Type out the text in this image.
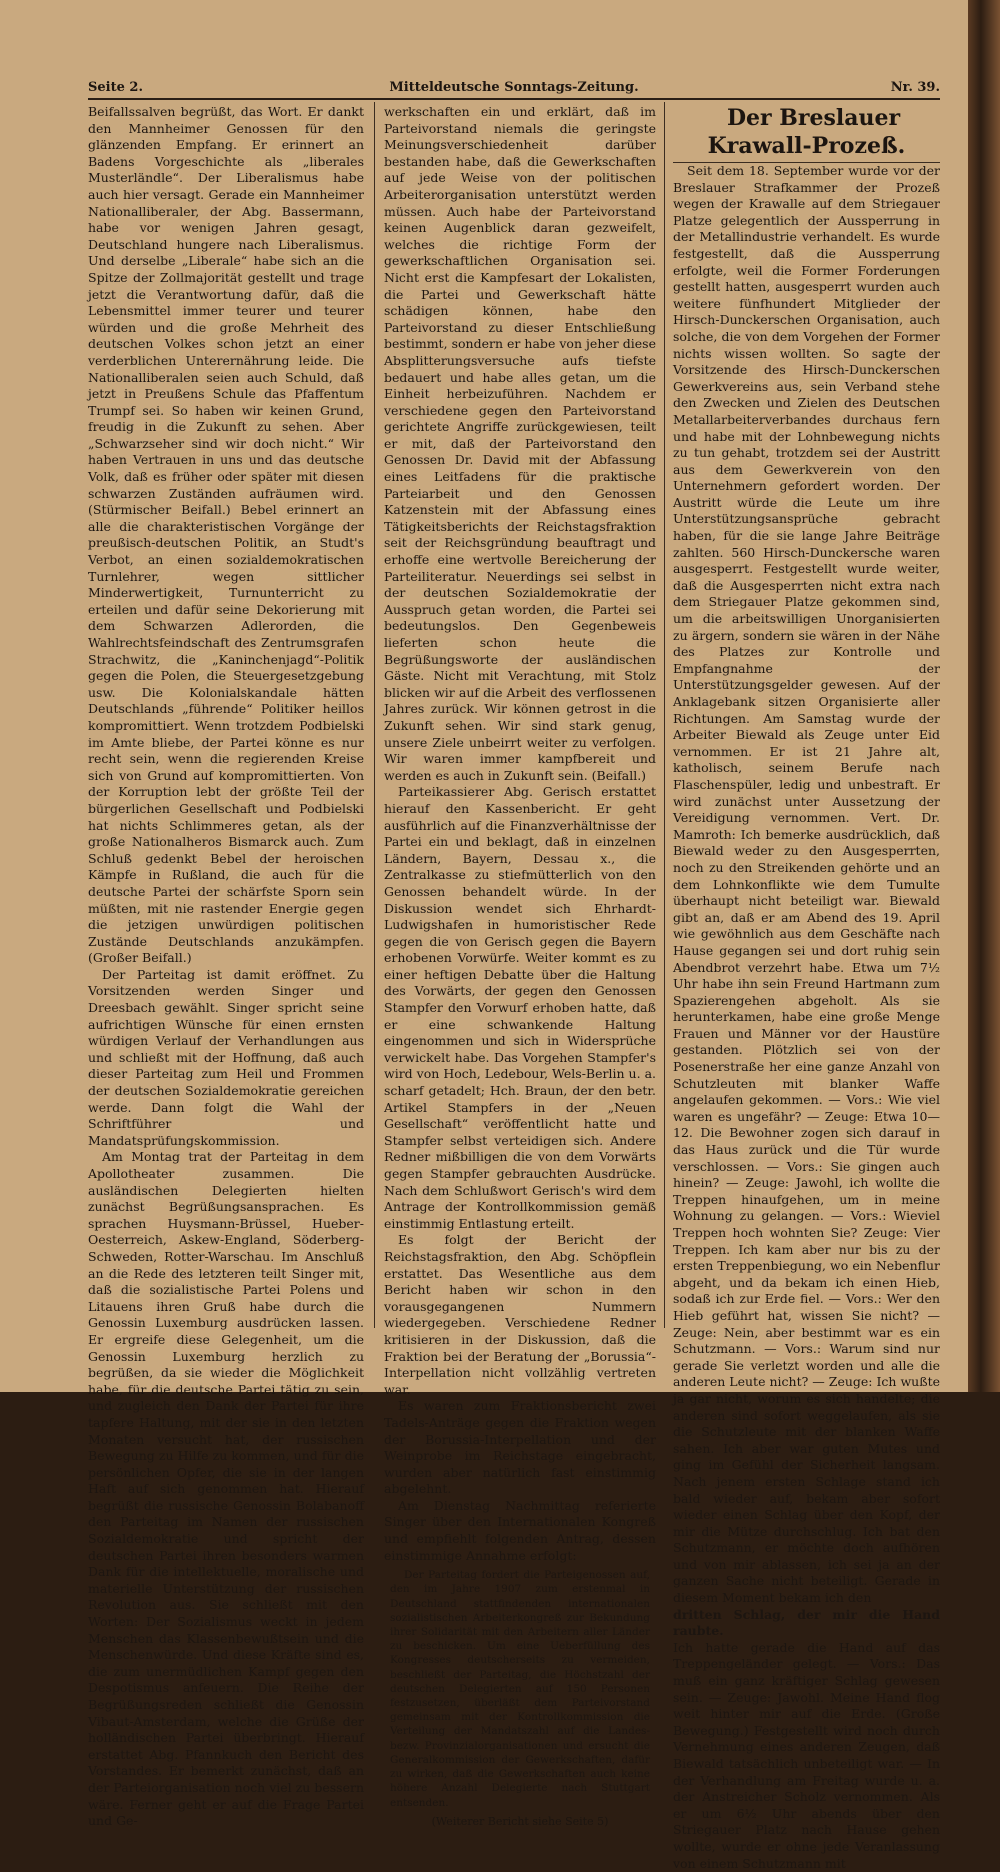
Seite 2.	Mitteldeutsche Sonntags-Zeitung.	Nr. 39.

Beifallssalven begrüßt, das Wort. Er dankt den Mannheimer Genossen für den glänzenden Empfang. Er erinnert an Badens Vorgeschichte als „liberales Musterländle“. Der Liberalismus habe auch hier versagt. Gerade ein Mannheimer Nationalliberaler, der Abg. Bassermann, habe vor wenigen Jahren gesagt, Deutschland hungere nach Liberalismus. Und derselbe „Liberale“ habe sich an die Spitze der Zollmajorität gestellt und trage jetzt die Verantwortung dafür, daß die Lebensmittel immer teurer und teurer würden und die große Mehrheit des deutschen Volkes schon jetzt an einer verderblichen Unterernährung leide. Die Nationalliberalen seien auch Schuld, daß jetzt in Preußens Schule das Pfaffentum Trumpf sei. So haben wir keinen Grund, freudig in die Zukunft zu sehen. Aber „Schwarzseher sind wir doch nicht.“ Wir haben Vertrauen in uns und das deutsche Volk, daß es früher oder später mit diesen schwarzen Zuständen aufräumen wird. (Stürmischer Beifall.) Bebel erinnert an alle die charakteristischen Vorgänge der preußisch-deutschen Politik, an Studt's Verbot, an einen sozialdemokratischen Turnlehrer, wegen sittlicher Minderwertigkeit, Turnunterricht zu erteilen und dafür seine Dekorierung mit dem Schwarzen Adlerorden, die Wahlrechtsfeindschaft des Zentrumsgrafen Strachwitz, die „Kaninchenjagd“-Politik gegen die Polen, die Steuergesetzgebung usw. Die Kolonialskandale hätten Deutschlands „führende“ Politiker heillos kompromittiert. Wenn trotzdem Podbielski im Amte bliebe, der Partei könne es nur recht sein, wenn die regierenden Kreise sich von Grund auf kompromittierten. Von der Korruption lebt der größte Teil der bürgerlichen Gesellschaft und Podbielski hat nichts Schlimmeres getan, als der große Nationalheros Bismarck auch. Zum Schluß gedenkt Bebel der heroischen Kämpfe in Rußland, die auch für die deutsche Partei der schärfste Sporn sein müßten, mit nie rastender Energie gegen die jetzigen unwürdigen politischen Zustände Deutschlands anzukämpfen. (Großer Beifall.)

Der Parteitag ist damit eröffnet. Zu Vorsitzenden werden Singer und Dreesbach gewählt. Singer spricht seine aufrichtigen Wünsche für einen ernsten würdigen Verlauf der Verhandlungen aus und schließt mit der Hoffnung, daß auch dieser Parteitag zum Heil und Frommen der deutschen Sozialdemokratie gereichen werde. Dann folgt die Wahl der Schriftführer und Mandatsprüfungskommission.

Am Montag trat der Parteitag in dem Apollotheater zusammen. Die ausländischen Delegierten hielten zunächst Begrüßungsansprachen. Es sprachen Huysmann-Brüssel, Hueber-Oesterreich, Askew-England, Söderberg-Schweden, Rotter-Warschau. Im Anschluß an die Rede des letzteren teilt Singer mit, daß die sozialistische Partei Polens und Litauens ihren Gruß habe durch die Genossin Luxemburg ausdrücken lassen. Er ergreife diese Gelegenheit, um die Genossin Luxemburg herzlich zu begrüßen, da sie wieder die Möglichkeit habe, für die deutsche Partei tätig zu sein, und zugleich den Dank der Partei für ihre tapfere Haltung, mit der sie in den letzten Monaten versucht hat, der russischen Bewegung zu Hilfe zu kommen, und für die persönlichen Opfer, die sie in der langen Haft auf sich genommen hat. Hierauf begrüßt die russische Genossin Bolabanoff den Parteitag im Namen der russischen Sozialdemokratie und spricht der deutschen Partei ihren besonders warmen Dank für die intellektuelle, moralische und materielle Unterstützung der russischen Revolution aus. Sie schließt mit den Worten: Der Sozialismus weckt in jedem Menschen das Klassenbewußtsein und die Menschenwürde. Und diese Kräfte sind es, die zum unermüdlichen Kampf gegen den Despotismus anfeuern. Die Reihe der Begrüßungsreden schließt die Genossin Vibaut-Amsterdam, welche die Grüße der holländischen Partei überbringt. Hierauf erstattet Abg. Pfannkuch den Bericht des Vorstandes. Er bemerkt zunächst, daß an der Parteiorganisation noch viel zu bessern wäre. Ferner geht er auf die Frage Partei und Ge-

werkschaften ein und erklärt, daß im Parteivorstand niemals die geringste Meinungsverschiedenheit darüber bestanden habe, daß die Gewerkschaften auf jede Weise von der politischen Arbeiterorganisation unterstützt werden müssen. Auch habe der Parteivorstand keinen Augenblick daran gezweifelt, welches die richtige Form der gewerkschaftlichen Organisation sei. Nicht erst die Kampfesart der Lokalisten, die Partei und Gewerkschaft hätte schädigen können, habe den Parteivorstand zu dieser Entschließung bestimmt, sondern er habe von jeher diese Absplitterungsversuche aufs tiefste bedauert und habe alles getan, um die Einheit herbeizuführen. Nachdem er verschiedene gegen den Parteivorstand gerichtete Angriffe zurückgewiesen, teilt er mit, daß der Parteivorstand den Genossen Dr. David mit der Abfassung eines Leitfadens für die praktische Parteiarbeit und den Genossen Katzenstein mit der Abfassung eines Tätigkeitsberichts der Reichstagsfraktion seit der Reichsgründung beauftragt und erhoffe eine wertvolle Bereicherung der Parteiliteratur. Neuerdings sei selbst in der deutschen Sozialdemokratie der Ausspruch getan worden, die Partei sei bedeutungslos. Den Gegenbeweis lieferten schon heute die Begrüßungsworte der ausländischen Gäste. Nicht mit Verachtung, mit Stolz blicken wir auf die Arbeit des verflossenen Jahres zurück. Wir können getrost in die Zukunft sehen. Wir sind stark genug, unsere Ziele unbeirrt weiter zu verfolgen. Wir waren immer kampfbereit und werden es auch in Zukunft sein. (Beifall.)

Parteikassierer Abg. Gerisch erstattet hierauf den Kassenbericht. Er geht ausführlich auf die Finanzverhältnisse der Partei ein und beklagt, daß in einzelnen Ländern, Bayern, Dessau x., die Zentralkasse zu stiefmütterlich von den Genossen behandelt würde. In der Diskussion wendet sich Ehrhardt-Ludwigshafen in humoristischer Rede gegen die von Gerisch gegen die Bayern erhobenen Vorwürfe. Weiter kommt es zu einer heftigen Debatte über die Haltung des Vorwärts, der gegen den Genossen Stampfer den Vorwurf erhoben hatte, daß er eine schwankende Haltung eingenommen und sich in Widersprüche verwickelt habe. Das Vorgehen Stampfer's wird von Hoch, Ledebour, Wels-Berlin u. a. scharf getadelt; Hch. Braun, der den betr. Artikel Stampfers in der „Neuen Gesellschaft“ veröffentlicht hatte und Stampfer selbst verteidigen sich. Andere Redner mißbilligen die von dem Vorwärts gegen Stampfer gebrauchten Ausdrücke. Nach dem Schlußwort Gerisch's wird dem Antrage der Kontrollkommission gemäß einstimmig Entlastung erteilt.

Es folgt der Bericht der Reichstagsfraktion, den Abg. Schöpflein erstattet. Das Wesentliche aus dem Bericht haben wir schon in den vorausgegangenen Nummern wiedergegeben. Verschiedene Redner kritisieren in der Diskussion, daß die Fraktion bei der Beratung der „Borussia“-Interpellation nicht vollzählig vertreten war.

Es waren zum Fraktionsbericht zwei Tadels-Anträge gegen die Fraktion wegen der Borussia-Interpellation und der Weinprobe im Reichstage eingebracht, wurden aber natürlich fast einstimmig abgelehnt.

Am Dienstag Nachmittag referierte Singer über den Internationalen Kongreß und empfiehlt folgenden Antrag, dessen einstimmige Annahme erfolgt:

Der Parteitag fordert die Parteigenossen auf, den im Jahre 1907 zum erstenmal in Deutschland stattfindenden internationalen sozialistischen Arbeiterkongreß zur Bekundung ihrer Solidarität mit den Arbeitern aller Länder zu beschicken. Um eine Ueberfüllung des Kongresses deutscherseits zu vermeiden, beschließt der Parteitag, die Höchstzahl der deutschen Delegierten auf 150 Personen festzusetzen, überläßt dem Parteivorstand gemeinsam mit der Kontrollkommission die Verteilung der Mandatszahl auf die Landes- bezw. Provinzialorganisationen und ersucht die Generalkommission der Gewerkschaften, dafür zu wirken, daß die Gewerkschaften auch keine höhere Anzahl Delegierte nach Stuttgart entsenden.

(Weiterer Bericht siehe Seite 5)

Der Breslauer Krawall-Prozeß.

Seit dem 18. September wurde vor der Breslauer Strafkammer der Prozeß wegen der Krawalle auf dem Striegauer Platze gelegentlich der Aussperrung in der Metallindustrie verhandelt. Es wurde festgestellt, daß die Aussperrung erfolgte, weil die Former Forderungen gestellt hatten, ausgesperrt wurden auch weitere fünfhundert Mitglieder der Hirsch-Dunckerschen Organisation, auch solche, die von dem Vorgehen der Former nichts wissen wollten. So sagte der Vorsitzende des Hirsch-Dunckerschen Gewerkvereins aus, sein Verband stehe den Zwecken und Zielen des Deutschen Metallarbeiterverbandes durchaus fern und habe mit der Lohnbewegung nichts zu tun gehabt, trotzdem sei der Austritt aus dem Gewerkverein von den Unternehmern gefordert worden. Der Austritt würde die Leute um ihre Unterstützungsansprüche gebracht haben, für die sie lange Jahre Beiträge zahlten. 560 Hirsch-Dunckersche waren ausgesperrt. Festgestellt wurde weiter, daß die Ausgesperrten nicht extra nach dem Striegauer Platze gekommen sind, um die arbeitswilligen Unorganisierten zu ärgern, sondern sie wären in der Nähe des Platzes zur Kontrolle und Empfangnahme der Unterstützungsgelder gewesen. Auf der Anklagebank sitzen Organisierte aller Richtungen. Am Samstag wurde der Arbeiter Biewald als Zeuge unter Eid vernommen. Er ist 21 Jahre alt, katholisch, seinem Berufe nach Flaschenspüler, ledig und unbestraft. Er wird zunächst unter Aussetzung der Vereidigung vernommen. Vert. Dr. Mamroth: Ich bemerke ausdrücklich, daß Biewald weder zu den Ausgesperrten, noch zu den Streikenden gehörte und an dem Lohnkonflikte wie dem Tumulte überhaupt nicht beteiligt war. Biewald gibt an, daß er am Abend des 19. April wie gewöhnlich aus dem Geschäfte nach Hause gegangen sei und dort ruhig sein Abendbrot verzehrt habe. Etwa um 7½ Uhr habe ihn sein Freund Hartmann zum Spazierengehen abgeholt. Als sie herunterkamen, habe eine große Menge Frauen und Männer vor der Haustüre gestanden. Plötzlich sei von der Posenerstraße her eine ganze Anzahl von Schutzleuten mit blanker Waffe angelaufen gekommen. — Vors.: Wie viel waren es ungefähr? — Zeuge: Etwa 10—12. Die Bewohner zogen sich darauf in das Haus zurück und die Tür wurde verschlossen. — Vors.: Sie gingen auch hinein? — Zeuge: Jawohl, ich wollte die Treppen hinaufgehen, um in meine Wohnung zu gelangen. — Vors.: Wieviel Treppen hoch wohnten Sie? Zeuge: Vier Treppen. Ich kam aber nur bis zu der ersten Treppenbiegung, wo ein Nebenflur abgeht, und da bekam ich einen Hieb, sodaß ich zur Erde fiel. — Vors.: Wer den Hieb geführt hat, wissen Sie nicht? — Zeuge: Nein, aber bestimmt war es ein Schutzmann. — Vors.: Warum sind nur gerade Sie verletzt worden und alle die anderen Leute nicht? — Zeuge: Ich wußte ja gar nicht, worum es sich handelte; die anderen sind sofort weggelaufen, als sie die Schutzleute mit der blanken Waffe sahen. Ich aber war guten Mutes und ging im Gefühl der Sicherheit langsam. Nach jenem ersten Schlage stand ich bald wieder auf, bekam aber sofort wieder einen Schlag über den Kopf, der mir die Mütze durchschlug. Ich bat den Schutzmann, er möchte doch aufhören und von mir ablassen, ich sei ja an der ganzen Sache nicht beteiligt. Gerade in diesem Moment bekam ich den

dritten Schlag, der mir die Hand raubte.

Ich hatte gerade die Hand auf das Treppengeländer gelegt. — Vors.: Das muß ein ganz kräftiger Schlag gewesen sein. — Zeuge: Jawohl. Meine Hand flog weit hinter mir auf die Erde. (Große Bewegung.) Festgestellt wird noch durch Vernehmung eines anderen Zeugen, daß Biewald tatsächlich unbeteiligt war. — In der Verhandlung am Freitag wurde u. a. der Anstreicher Scholz vernommen. Als er um 6½ Uhr abends über den Striegauer Platz nach Hause gehen wollte, wurde er ohne jede Veranlassung von einem Schutzmann mit
